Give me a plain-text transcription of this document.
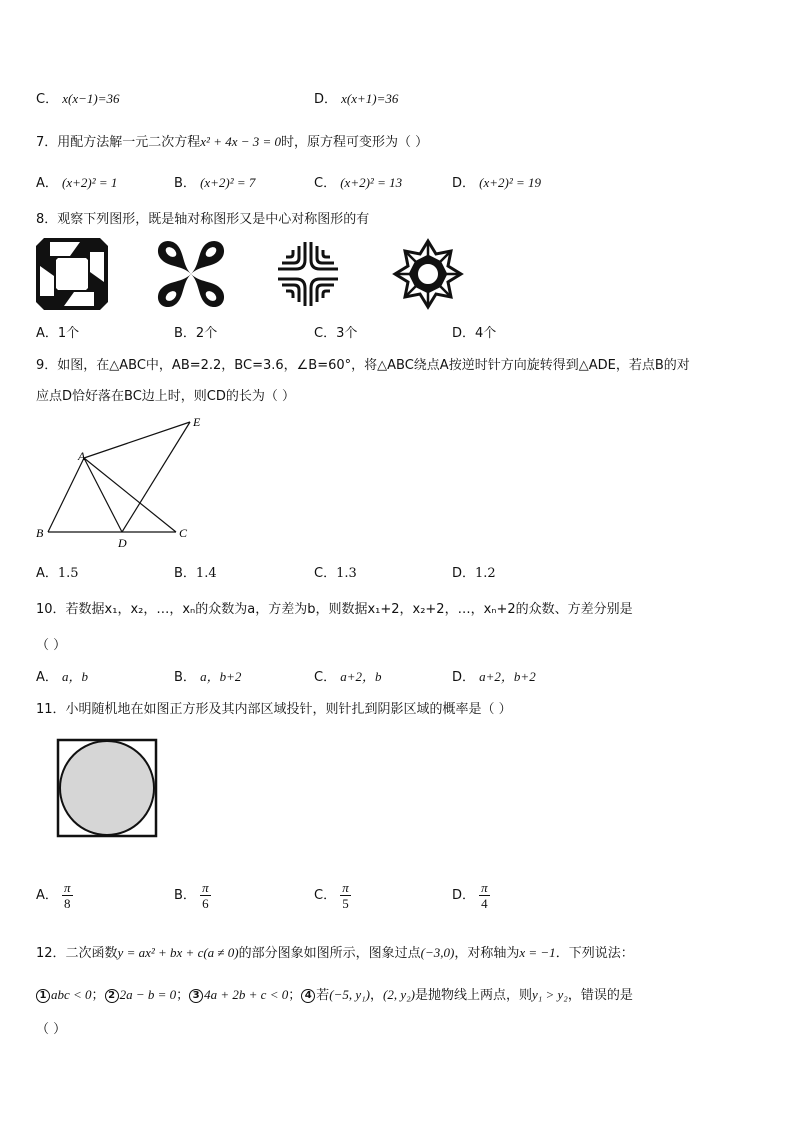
C． x(x−1)=36	D． x(x+1)=36
7．用配方法解一元二次方程x² + 4x − 3 = 0时，原方程可变形为（ ）
A． (x+2)² = 1	B． (x+2)² = 7	C． (x+2)² = 13	D． (x+2)² = 19
8．观察下列图形，既是轴对称图形又是中心对称图形的有
A．1个	B．2个	C．3个	D．4个
9．如图，在△ABC中，AB=2.2，BC=3.6，∠B=60°，将△ABC绕点A按逆时针方向旋转得到△ADE，若点B的对
应点D恰好落在BC边上时，则CD的长为（ ）
A
B	C
D
E
A．1.5	B．1.4	C．1.3	D．1.2
10．若数据x₁，x₂，…，xₙ的众数为a，方差为b，则数据x₁+2，x₂+2，…，xₙ+2的众数、方差分别是
（ ）
A． a，b	B． a，b+2	C． a+2，b	D． a+2，b+2
11．小明随机地在如图正方形及其内部区域投针，则针扎到阴影区域的概率是（ ）
A． $\frac{\pi}{8}$	B． $\frac{\pi}{6}$	C． $\frac{\pi}{5}$	D． $\frac{\pi}{4}$
12．二次函数y = ax² + bx + c(a ≠ 0)的部分图象如图所示，图象过点(−3,0)，对称轴为x = −1．下列说法：
1 abc < 0； 2 2a − b = 0； 3 4a + 2b + c < 0； 4 若(−5, y₁)，(2, y₂)是抛物线上两点，则y₁ > y₂，错误的是
（ ）
